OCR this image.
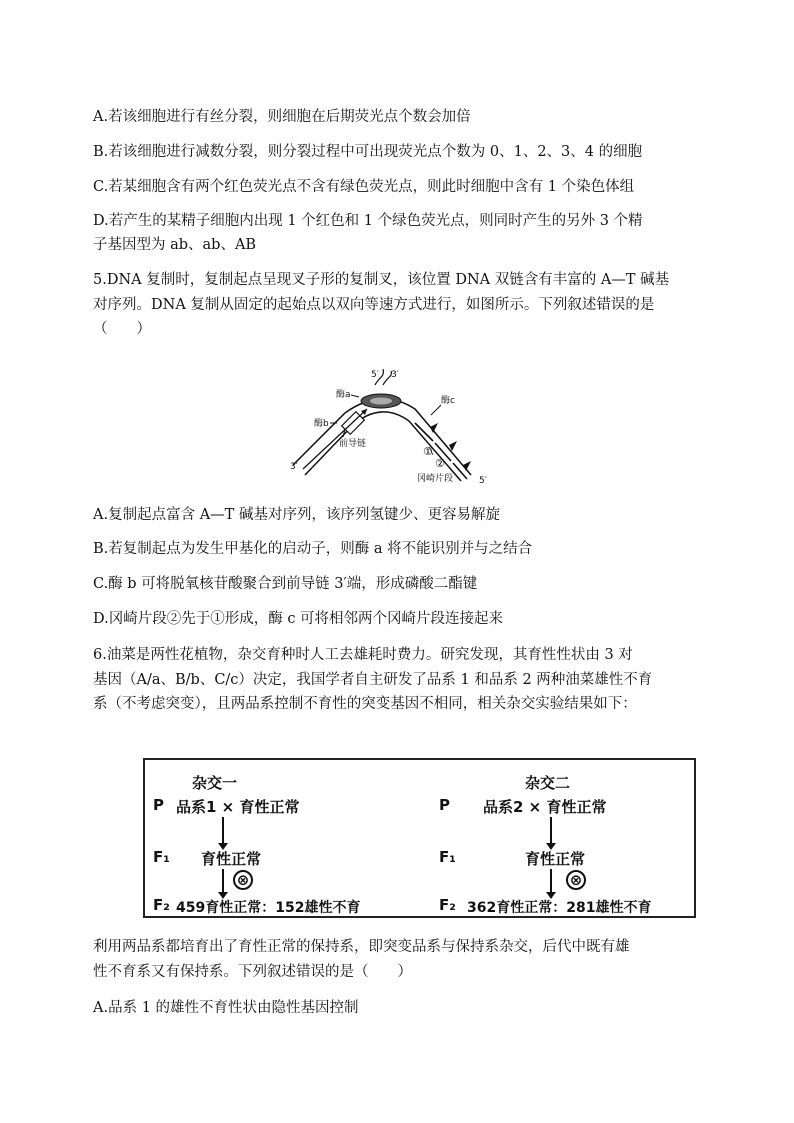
A.若该细胞进行有丝分裂，则细胞在后期荧光点个数会加倍
B.若该细胞进行减数分裂，则分裂过程中可出现荧光点个数为 0、1、2、3、4 的细胞
C.若某细胞含有两个红色荧光点不含有绿色荧光点，则此时细胞中含有 1 个染色体组
D.若产生的某精子细胞内出现 1 个红色和 1 个绿色荧光点，则同时产生的另外 3 个精
子基因型为 ab、ab、AB
5.DNA 复制时，复制起点呈现叉子形的复制叉，该位置 DNA 双链含有丰富的 A—T 碱基
对序列。DNA 复制从固定的起始点以双向等速方式进行，如图所示。下列叙述错误的是
（　　）
5′ 3′
酶a
酶b
酶c
前导链
①
②
冈崎片段
3′
5′
A.复制起点富含 A—T 碱基对序列，该序列氢键少、更容易解旋
B.若复制起点为发生甲基化的启动子，则酶 a 将不能识别并与之结合
C.酶 b 可将脱氧核苷酸聚合到前导链 3′端，形成磷酸二酯键
D.冈崎片段②先于①形成，酶 c 可将相邻两个冈崎片段连接起来
6.油菜是两性花植物，杂交育种时人工去雄耗时费力。研究发现，其育性性状由 3 对
基因（A/a、B/b、C/c）决定，我国学者自主研发了品系 1 和品系 2 两种油菜雄性不育
系（不考虑突变），且两品系控制不育性的突变基因不相同，相关杂交实验结果如下：
杂交一
P 品系1 × 育性正常
F₁ 育性正常
⊗
F₂ 459育性正常：152雄性不育
杂交二
P 品系2 × 育性正常
F₁	育性正常
⊗
F₂ 362育性正常：281雄性不育
利用两品系都培育出了育性正常的保持系，即突变品系与保持系杂交，后代中既有雄
性不育系又有保持系。下列叙述错误的是（　　）
A.品系 1 的雄性不育性状由隐性基因控制
